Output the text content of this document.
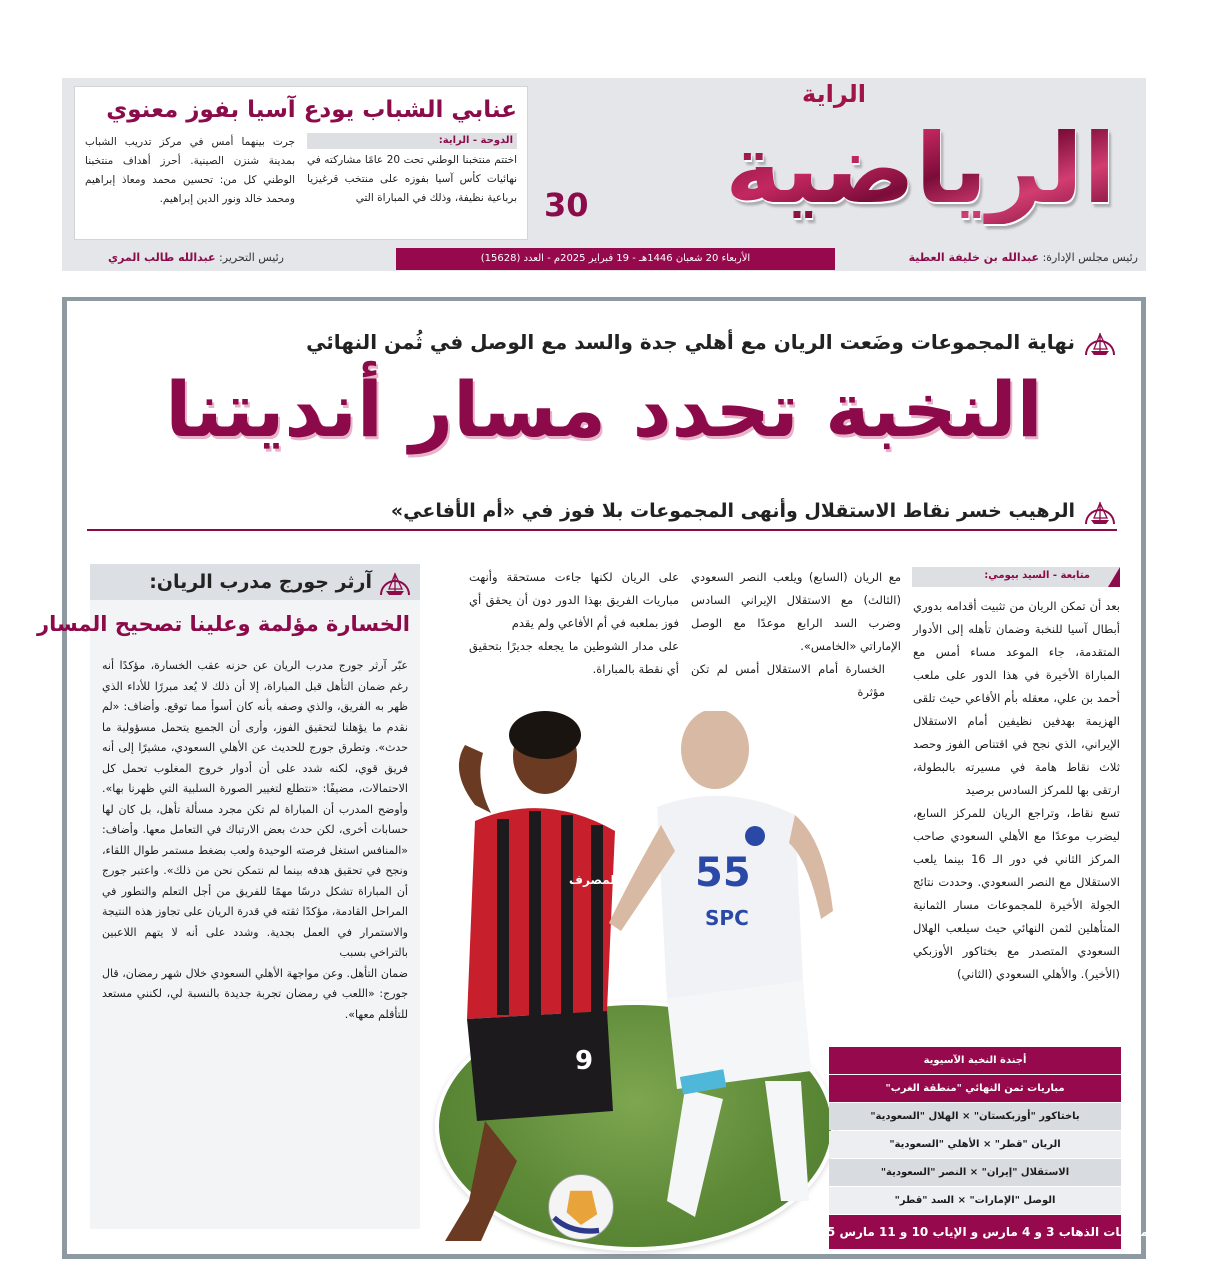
عنابي الشباب يودع آسيا بفوز معنوي
الدوحة - الراية:
اختتم منتخبنا الوطني تحت 20 عامًا مشاركته في نهائيات كأس آسيا بفوزه على منتخب قرغيزيا برباعية نظيفة، وذلك في المباراة التي
جرت بينهما أمس في مركز تدريب الشباب بمدينة شنزن الصينية. أحرز أهداف منتخبنا الوطني كل من: تحسين محمد ومعاذ إبراهيم ومحمد خالد ونور الدين إبراهيم.
الراية
الرياضية
30
رئيس مجلس الإدارة: عبدالله بن خليفة العطية
الأربعاء 20 شعبان 1446هـ - 19 فبراير 2025م - العدد (15628)
رئيس التحرير: عبدالله طالب المري
نهاية المجموعات وضَعت الريان مع أهلي جدة والسد مع الوصل في ثُمن النهائي
النخبة تحدد مسار أنديتنا
الرهيب خسر نقاط الاستقلال وأنهى المجموعات بلا فوز في «أم الأفاعي»
متابعة - السيد بيومي:
المصرف
9
55
SPC
بعد أن تمكن الريان من تثبيت أقدامه بدوري أبطال آسيا للنخبة وضمان تأهله إلى الأدوار المتقدمة، جاء الموعد مساء أمس مع المباراة الأخيرة في هذا الدور على ملعب أحمد بن علي، معقله بأم الأفاعي حيث تلقى الهزيمة بهدفين نظيفين أمام الاستقلال الإيراني، الذي نجح في اقتناص الفوز وحصد ثلاث نقاط هامة في مسيرته بالبطولة، ارتقى بها للمركز السادس برصيد
تسع نقاط، وتراجع الريان للمركز السابع، ليضرب موعدًا مع الأهلي السعودي صاحب المركز الثاني في دور الـ 16 بينما يلعب الاستقلال مع النصر السعودي. وحددت نتائج الجولة الأخيرة للمجموعات مسار الثمانية المتأهلين لثمن النهائي حيث سيلعب الهلال السعودي المتصدر مع بختاكور الأوزبكي (الأخير). والأهلي السعودي (الثاني)
مع الريان (السابع) ويلعب النصر السعودي (الثالث) مع الاستقلال الإيراني السادس وضرب السد الرابع موعدًا مع الوصل الإماراتي «الخامس».
الخسارة أمام الاستقلال أمس لم تكن مؤثرة
على الريان لكنها جاءت مستحقة وأنهت مباريات الفريق بهذا الدور دون أن يحقق أي فوز بملعبه في أم الأفاعي ولم يقدم
على مدار الشوطين ما يجعله جديرًا بتحقيق أي نقطة بالمباراة.
آرثر جورج مدرب الريان:
الخسارة مؤلمة وعلينا تصحيح المسار
عبّر آرثر جورج مدرب الريان عن حزنه عقب الخسارة، مؤكدًا أنه رغم ضمان التأهل قبل المباراة، إلا أن ذلك لا يُعد مبررًا للأداء الذي ظهر به الفريق، والذي وصفه بأنه كان أسوأ مما توقع. وأضاف: «لم نقدم ما يؤهلنا لتحقيق الفوز، وأرى أن الجميع يتحمل مسؤولية ما حدث». وتطرق جورج للحديث عن الأهلي السعودي، مشيرًا إلى أنه فريق قوي، لكنه شدد على أن أدوار خروج المغلوب تحمل كل الاحتمالات، مضيفًا: «نتطلع لتغيير الصورة السلبية التي ظهرنا بها». وأوضح المدرب أن المباراة لم تكن مجرد مسألة تأهل، بل كان لها حسابات أخرى، لكن حدث بعض الارتباك في التعامل معها. وأضاف: «المنافس استغل فرصته الوحيدة ولعب بضغط مستمر طوال اللقاء، ونجح في تحقيق هدفه بينما لم نتمكن نحن من ذلك». واعتبر جورج أن المباراة تشكل درسًا مهمًا للفريق من أجل التعلم والتطور في المراحل القادمة، مؤكدًا ثقته في قدرة الريان على تجاوز هذه النتيجة والاستمرار في العمل بجدية. وشدد على أنه لا يتهم اللاعبين بالتراخي بسبب
ضمان التأهل. وعن مواجهة الأهلي السعودي خلال شهر رمضان، قال جورج: «اللعب في رمضان تجربة جديدة بالنسبة لي، لكنني مستعد للتأقلم معها».
أجندة النخبة الآسيوية
مباريات ثمن النهائي "منطقة الغرب"
باختاكور "أوزبكستان" × الهلال "السعودية"
الريان "قطر" × الأهلي "السعودية"
الاستقلال "إيران" × النصر "السعودية"
الوصل "الإمارات" × السد "قطر"
مباريات الذهاب 3 و 4 مارس و الإياب 10 و 11 مارس 2025
